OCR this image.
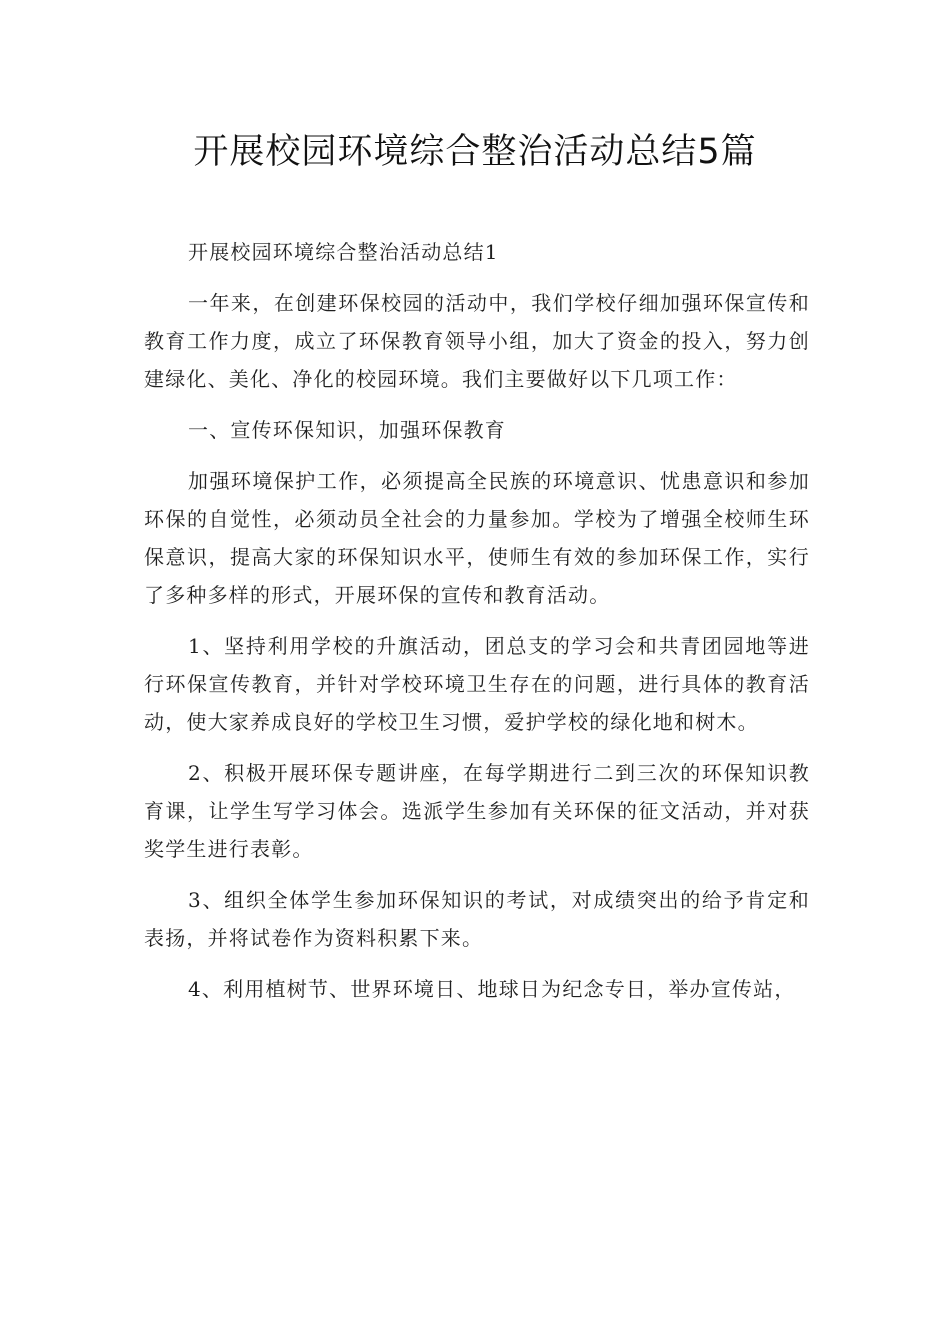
开展校园环境综合整治活动总结5篇

开展校园环境综合整治活动总结1

一年来，在创建环保校园的活动中，我们学校仔细加强环保宣传和教育工作力度，成立了环保教育领导小组，加大了资金的投入，努力创建绿化、美化、净化的校园环境。我们主要做好以下几项工作：

一、宣传环保知识，加强环保教育

加强环境保护工作，必须提高全民族的环境意识、忧患意识和参加环保的自觉性，必须动员全社会的力量参加。学校为了增强全校师生环保意识，提高大家的环保知识水平，使师生有效的参加环保工作，实行了多种多样的形式，开展环保的宣传和教育活动。

1、坚持利用学校的升旗活动，团总支的学习会和共青团园地等进行环保宣传教育，并针对学校环境卫生存在的问题，进行具体的教育活动，使大家养成良好的学校卫生习惯，爱护学校的绿化地和树木。

2、积极开展环保专题讲座，在每学期进行二到三次的环保知识教育课，让学生写学习体会。选派学生参加有关环保的征文活动，并对获奖学生进行表彰。

3、组织全体学生参加环保知识的考试，对成绩突出的给予肯定和表扬，并将试卷作为资料积累下来。

4、利用植树节、世界环境日、地球日为纪念专日，举办宣传站，
